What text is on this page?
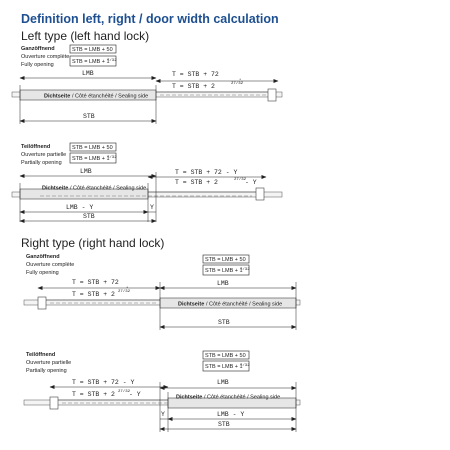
Definition left, right / door width calculation
Left type (left hand lock)
Right type (right hand lock)
Ganzöffnend
Ouverture complète
Fully opening
STB = LMB + 50
STB = LMB + 1
7/32
LMB	T = STB + 72
T = STB + 2	27/32
*
Dichtseite / Côté étanchéité / Sealing side
STB
Teilöffnend
Ouverture partielle
Partially opening
STB = LMB + 50
STB = LMB + 1
7/32
LMB	T = STB + 72 - Y
T = STB + 2	27/32
- Y
Dichtseite / Côté étanchéité / Sealing side
LMB - Y	Y
STB
Ganzöffnend
Ouverture complète
Fully opening
STB = LMB + 50
STB = LMB + 1
7/32
T = STB + 72
T = STB + 2 27/32
*
LMB
Dichtseite / Côté étanchéité / Sealing side
STB
Teilöffnend
Ouverture partielle
Partially opening
STB = LMB + 50
STB = LMB + 1
7/32
T = STB + 72 - Y
T = STB + 2 27/32
- Y
LMB
Dichtseite / Côté étanchéité / Sealing side
Y	LMB - Y
STB
